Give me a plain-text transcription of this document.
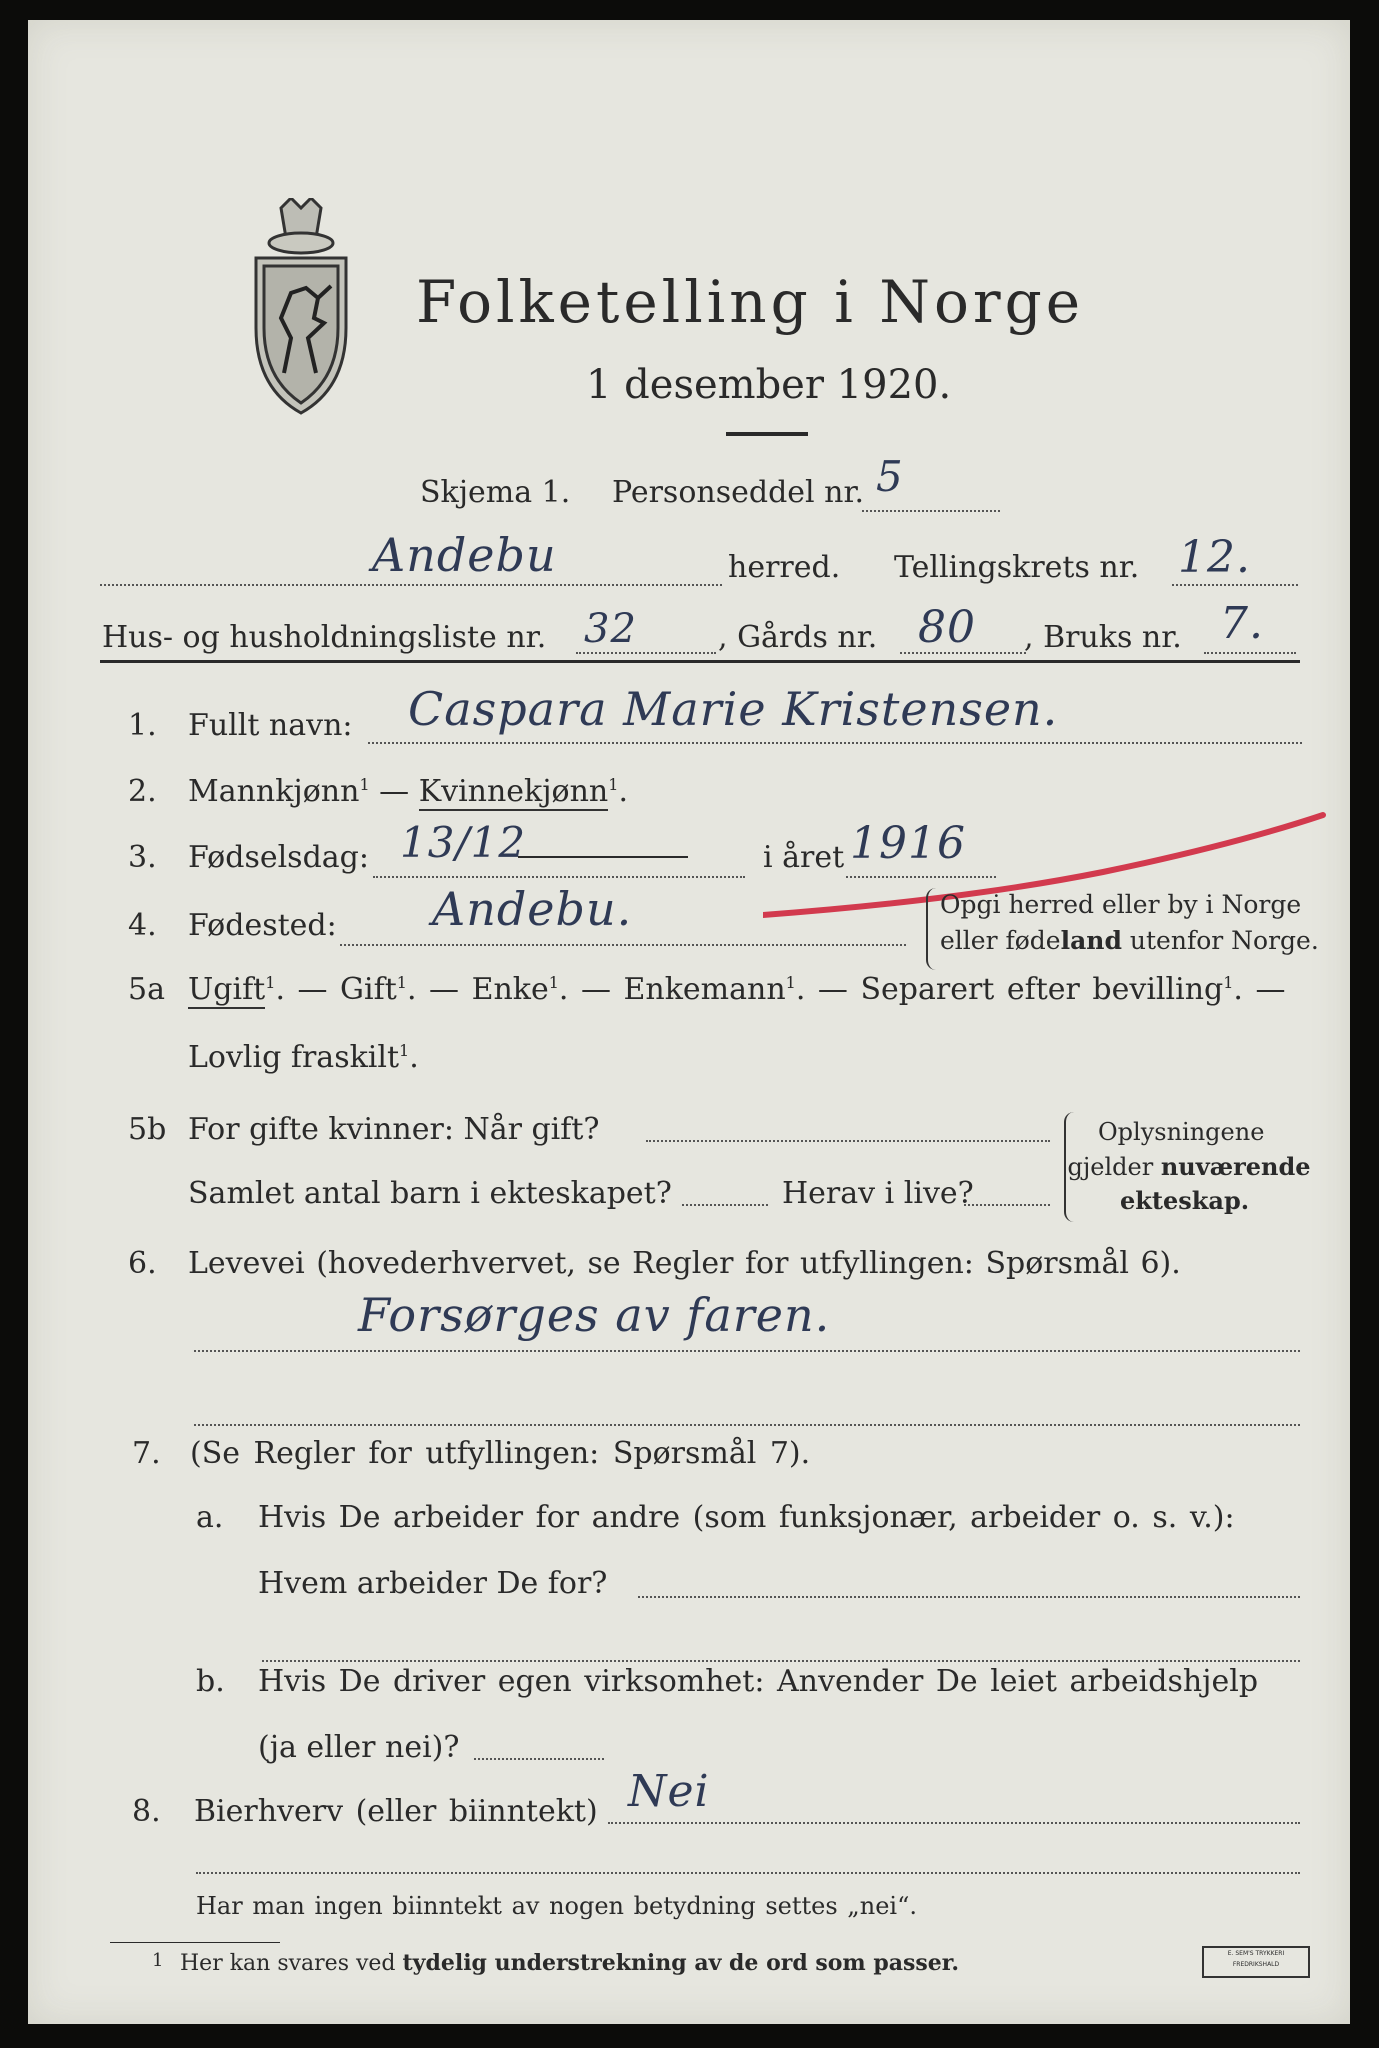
Folketelling i Norge
1 desember 1920.
Skjema 1. Personseddel nr. 5
Andebu	herred. Tellingskrets nr. 12.
Hus- og husholdningsliste nr. 32	, Gårds nr. 80 , Bruks nr. 7.
1. Fullt navn: Caspara Marie Kristensen.
2. Mannkjønn$^1$ — Kvinnekjønn$^1$.
3. Fødselsdag: 13/12	i året 1916
4. Fødested: Andebu.	Opgi herred eller by i Norge
eller fødeland utenfor Norge.
5a Ugift$^1$. — Gift$^1$. — Enke$^1$. — Enkemann$^1$. — Separert efter bevilling$^1$. —
Lovlig fraskilt$^1$.
5b For gifte kvinner: Når gift?
Samlet antal barn i ekteskapet?	Herav i live?
Oplysningene
gjelder nuværende
ekteskap.
6. Levevei (hovederhvervet, se Regler for utfyllingen: Spørsmål 6).
Forsørges av faren.
7. (Se Regler for utfyllingen: Spørsmål 7).
a. Hvis De arbeider for andre (som funksjonær, arbeider o. s. v.):
Hvem arbeider De for?
b. Hvis De driver egen virksomhet: Anvender De leiet arbeidshjelp
(ja eller nei)?
8. Bierhverv (eller biinntekt) Nei
Har man ingen biinntekt av nogen betydning settes „nei“.
1 Her kan svares ved tydelig understrekning av de ord som passer.	E. SEM'S TRYKKERI
FREDRIKSHALD
